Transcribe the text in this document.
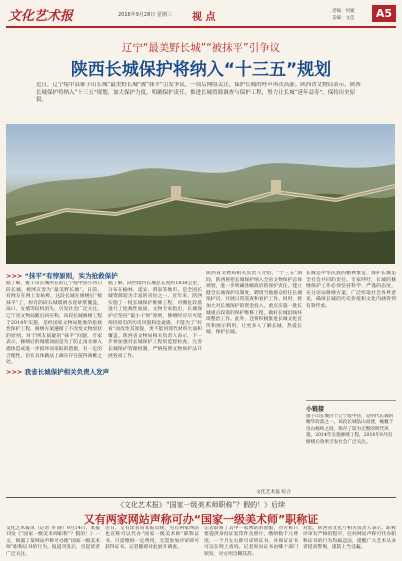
文化艺术报	2016年9月28日 星期三 视 点
责编：何媛
美编：文佳	A5
辽宁“最美野长城”“被抹平”引争议
陕西长城保护将纳入“十三五”规划
近日，辽宁绥中县锥子山长城“最美野长城”被“抹平”引发争议，一周后网络关注，保护长城的呼声再次高涨。陕西省文物局表示，陕西长城保护将纳入“十三五”规划，加大保护力度，明确保护责任，推进长城资源调查与保护工程，努力让长城“延年益寿”，保持历史原貌。
>>> “抹平”有悖原则，实为抢救保护
据了解，锥子山长城所在的辽宁绥中县小河口段长城，被网友誉为“最美野长城”。日前，有网友在网上发帖称，这段长城在修缮后“被抹平”了，原有的砖石城墙被水泥砂浆覆盖，垛口、女墙等结构消失，引发社会广泛关注。辽宁省文物局随后回应称，该段长城修缮工程于2014年实施，是经国家文物局批准的抢救性保护工程，修缮方案遵循了不改变文物原状的原则。对于网友质疑的“抹平”问题，专家表示，修缮后的城墙顶面是为了防止雨水渗入墙体造成进一步损坏而采取的措施，有一定的合理性，但在具体做法上确实存在值得商榷之处。
据了解，陕西境内长城总长度约1838公里，分布在榆林、延安、渭南等地市，是全国长城资源较为丰富的省份之一。近年来，陕西实施了一批长城保护维修工程，对濒危段落进行了抢救性加固。文物专家指出，长城保护应坚持“最小干预”原则，修缮时应尽可能保持原有的历史风貌和沧桑感，不能为了“好看”而改变其原貌，更不能用现代材料大面积覆盖。陕西省文物局相关负责人表示，下一步将加强对长城保护工程的监督检查，完善长城保护管理机制，严格按照文物保护法开展各项工作。
>>> 我省长城保护相关负责人发声
陕西省文物局相关负责人介绍，“十三五”期间，陕西将把长城保护纳入全省文物保护总体规划，进一步明确各级政府的保护责任，建立健全长城保护员制度，聘请当地群众担任长城保护员，开展日常巡查和看护工作。同时，将加大对长城保护的资金投入，重点实施一批长城重点段落的保护维修工程，做好长城沿线环境整治工作。此外，还将积极推进长城文化宣传和展示利用，让更多人了解长城、热爱长城、保护长城。
长城是中华民族的精神象征，保护长城是全社会共同的责任。专家呼吁，长城的修缮保护工作必须坚持科学、严谨的态度，充分论证修缮方案，广泛听取社会各界意见，确保长城的历史价值和文化内涵得到有效传承。
小链接
锥子山长城位于辽宁绥中县，是明代长城的精华段落之一。该段长城依山而建，蜿蜒于崇山峻岭之间，保存了较为完整的明代风貌，2014年实施修缮工程，2016年9月因修缮后效果引发社会广泛关注。
文化艺术报 综合
《文化艺术报》“国家一级美术师职称”？假的！》后续
又有两家网站声称可办“国家一级美术师”职称证
文化艺术报讯（记者 李 静）9月14日，本报刊发《“国家一级美术师职称”？假的！》一文，揭露了某网站声称可办理“国家一级美术师”职称证书的行为。报道刊发后，引起读者广泛关注。
近日，又有读者向本报反映，另有两家网站也宣称可以代办“国家一级美术师”职称证书，只需缴纳一定费用，无需参加评审即可获得证书。记者随即对此展开调查。
记者联系了其中一家网站的客服，对方称只要提供身份证复印件及照片，缴纳数千元费用，一个月左右即可拿到证书，并保证证书可以在网上查询。记者询问证书由哪个部门颁发，对方则含糊其辞。
对此，陕西省文化厅相关负责人表示，职称评审有严格的程序，任何网站声称可代办职称证书的行为均属违法，提醒广大艺术从业者提高警惕，谨防上当受骗。
